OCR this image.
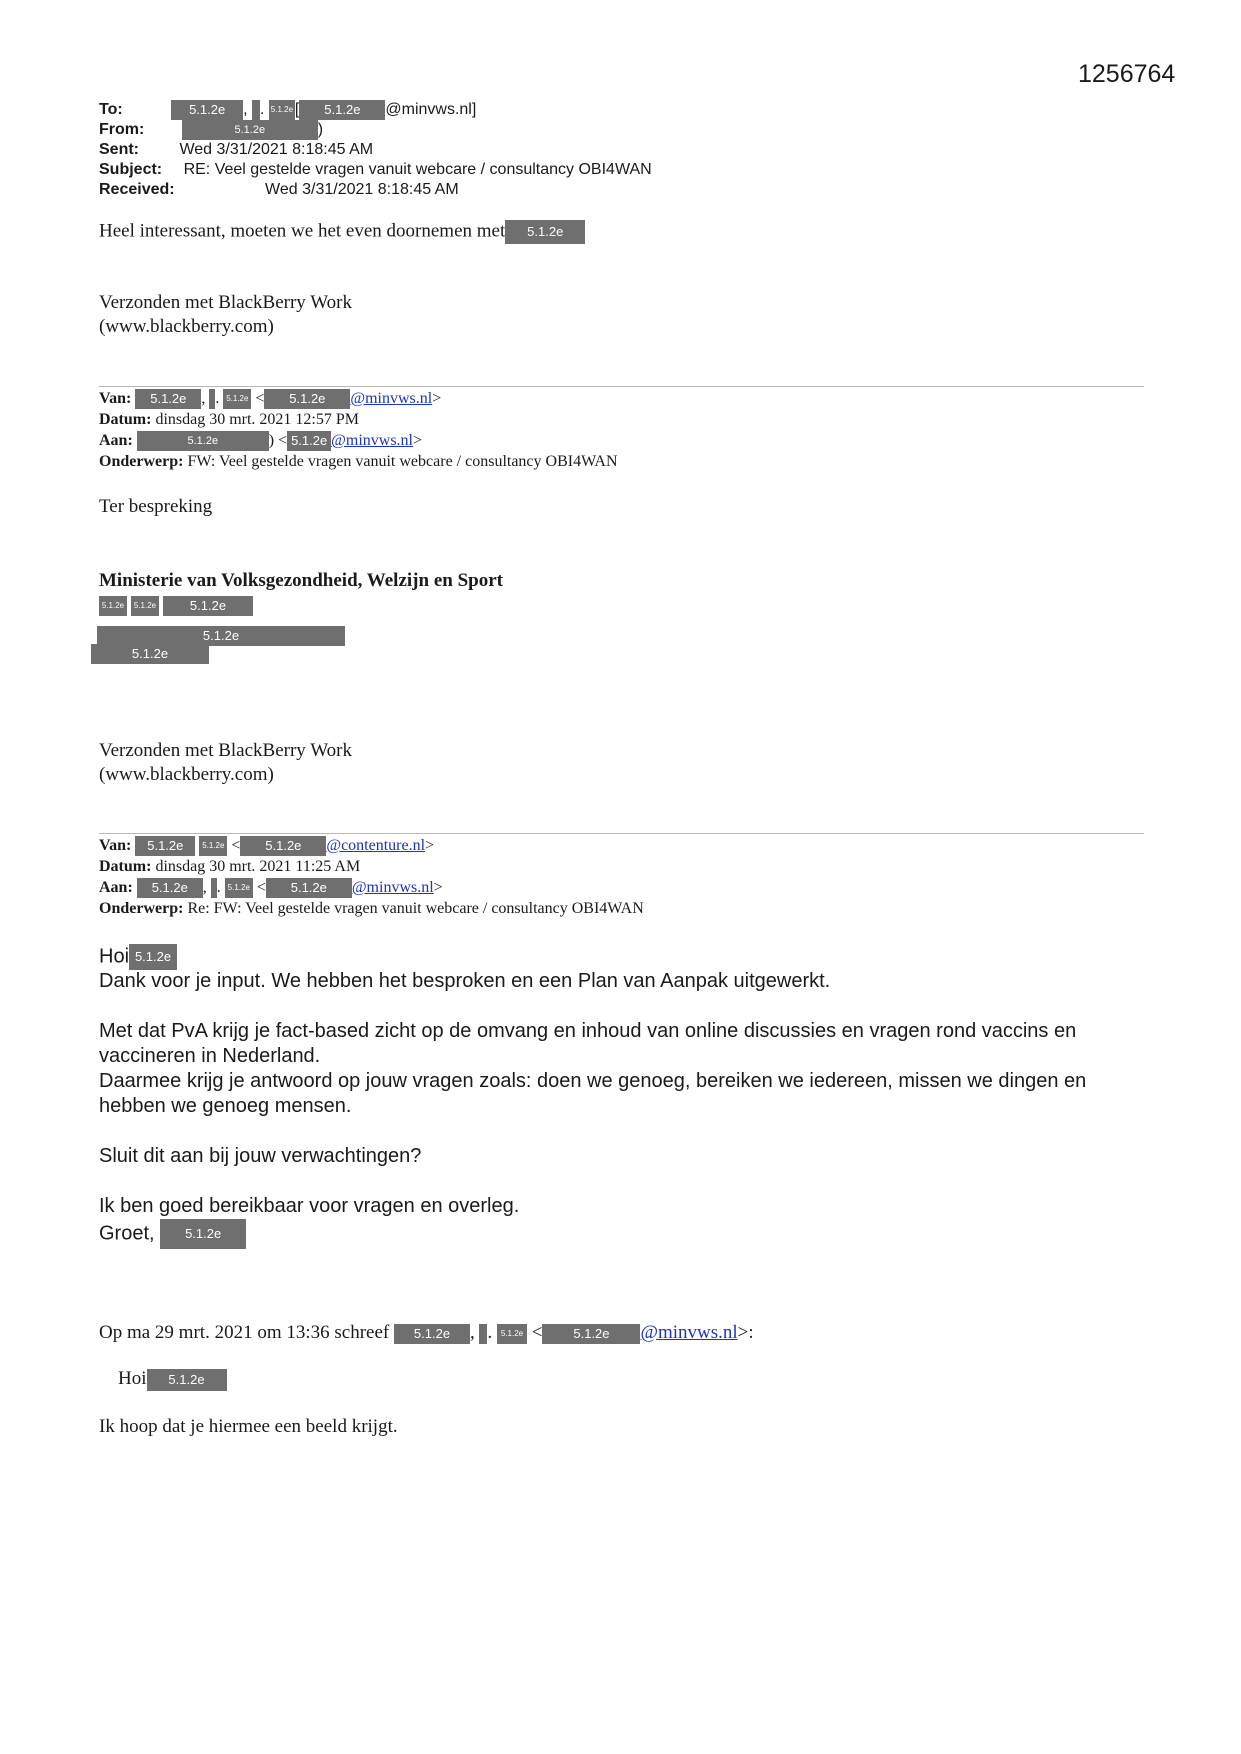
1256764
To:	5.1.2e , . 5.1.2e [ 5.1.2e @minvws.nl]
From:	5.1.2e	)
Sent:	Wed 3/31/2021 8:18:45 AM
Subject: RE: Veel gestelde vragen vanuit webcare / consultancy OBI4WAN
Received:	Wed 3/31/2021 8:18:45 AM
Heel interessant, moeten we het even doornemen met 5.1.2e
Verzonden met BlackBerry Work
(www.blackberry.com)
Van: 5.1.2e , . 5.1.2e < 5.1.2e @minvws.nl>
Datum: dinsdag 30 mrt. 2021 12:57 PM
Aan:	5.1.2e	) < 5.1.2e @minvws.nl>
Onderwerp: FW: Veel gestelde vragen vanuit webcare / consultancy OBI4WAN
Ter bespreking
Ministerie van Volksgezondheid, Welzijn en Sport
5.1.2e 5.1.2e	5.1.2e
5.1.2e
5.1.2e
Verzonden met BlackBerry Work
(www.blackberry.com)
Van: 5.1.2e 5.1.2e < 5.1.2e @contenture.nl>
Datum: dinsdag 30 mrt. 2021 11:25 AM
Aan: 5.1.2e , . 5.1.2e < 5.1.2e @minvws.nl>
Onderwerp: Re: FW: Veel gestelde vragen vanuit webcare / consultancy OBI4WAN
Hoi 5.1.2e
Dank voor je input. We hebben het besproken en een Plan van Aanpak uitgewerkt.
Met dat PvA krijg je fact-based zicht op de omvang en inhoud van online discussies en vragen rond vaccins en
vaccineren in Nederland.
Daarmee krijg je antwoord op jouw vragen zoals: doen we genoeg, bereiken we iedereen, missen we dingen en
hebben we genoeg mensen.
Sluit dit aan bij jouw verwachtingen?
Ik ben goed bereikbaar voor vragen en overleg.
Groet, 5.1.2e
Op ma 29 mrt. 2021 om 13:36 schreef 5.1.2e , . 5.1.2e < 5.1.2e @minvws.nl>:
Hoi 5.1.2e
Ik hoop dat je hiermee een beeld krijgt.
